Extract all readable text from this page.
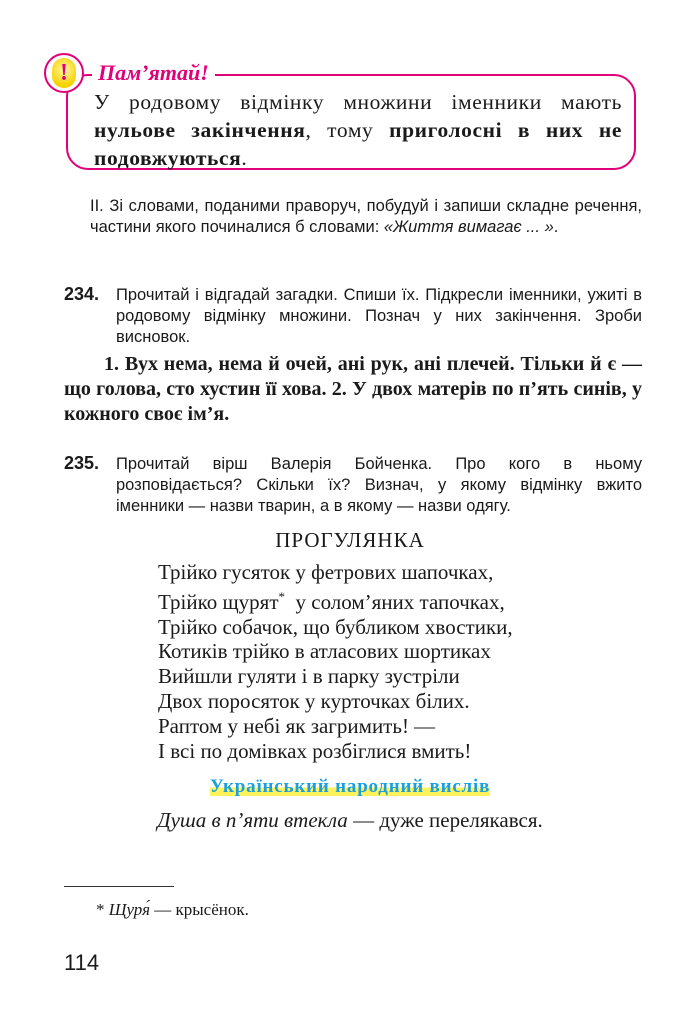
!	Пам’ятай!
У родовому відмінку множини іменники мають нульове закінчення, тому приголосні в них не подовжуються.
II. Зі словами, поданими праворуч, побудуй і запиши складне речення, частини якого починалися б словами: «Життя вимагає ... ».
234. Прочитай і відгадай загадки. Спиши їх. Підкресли іменники, ужиті в родовому відмінку множини. Познач у них закінчення. Зроби висновок.
1. Вух нема, нема й очей, ані рук, ані плечей. Тільки й є — що голова, сто хустин її хова. 2. У двох матерів по п’ять синів, у кожного своє ім’я.
235. Прочитай вірш Валерія Бойченка. Про кого в ньому розповідається? Скільки їх? Визнач, у якому відмінку вжито іменники — назви тварин, а в якому — назви одягу.
ПРОГУЛЯНКА
Трійко гусяток у фетрових шапочках,
Трійко щурят*  у солом’яних тапочках,
Трійко собачок, що бубликом хвостики,
Котиків трійко в атласових шортиках
Вийшли гуляти і в парку зустріли
Двох поросяток у курточках білих.
Раптом у небі як загримить! —
І всі по домівках розбіглися вмить!
Український народний вислів
Душа в п’яти втекла — дуже перелякався.
* Щуря́ — крысёнок.
114
